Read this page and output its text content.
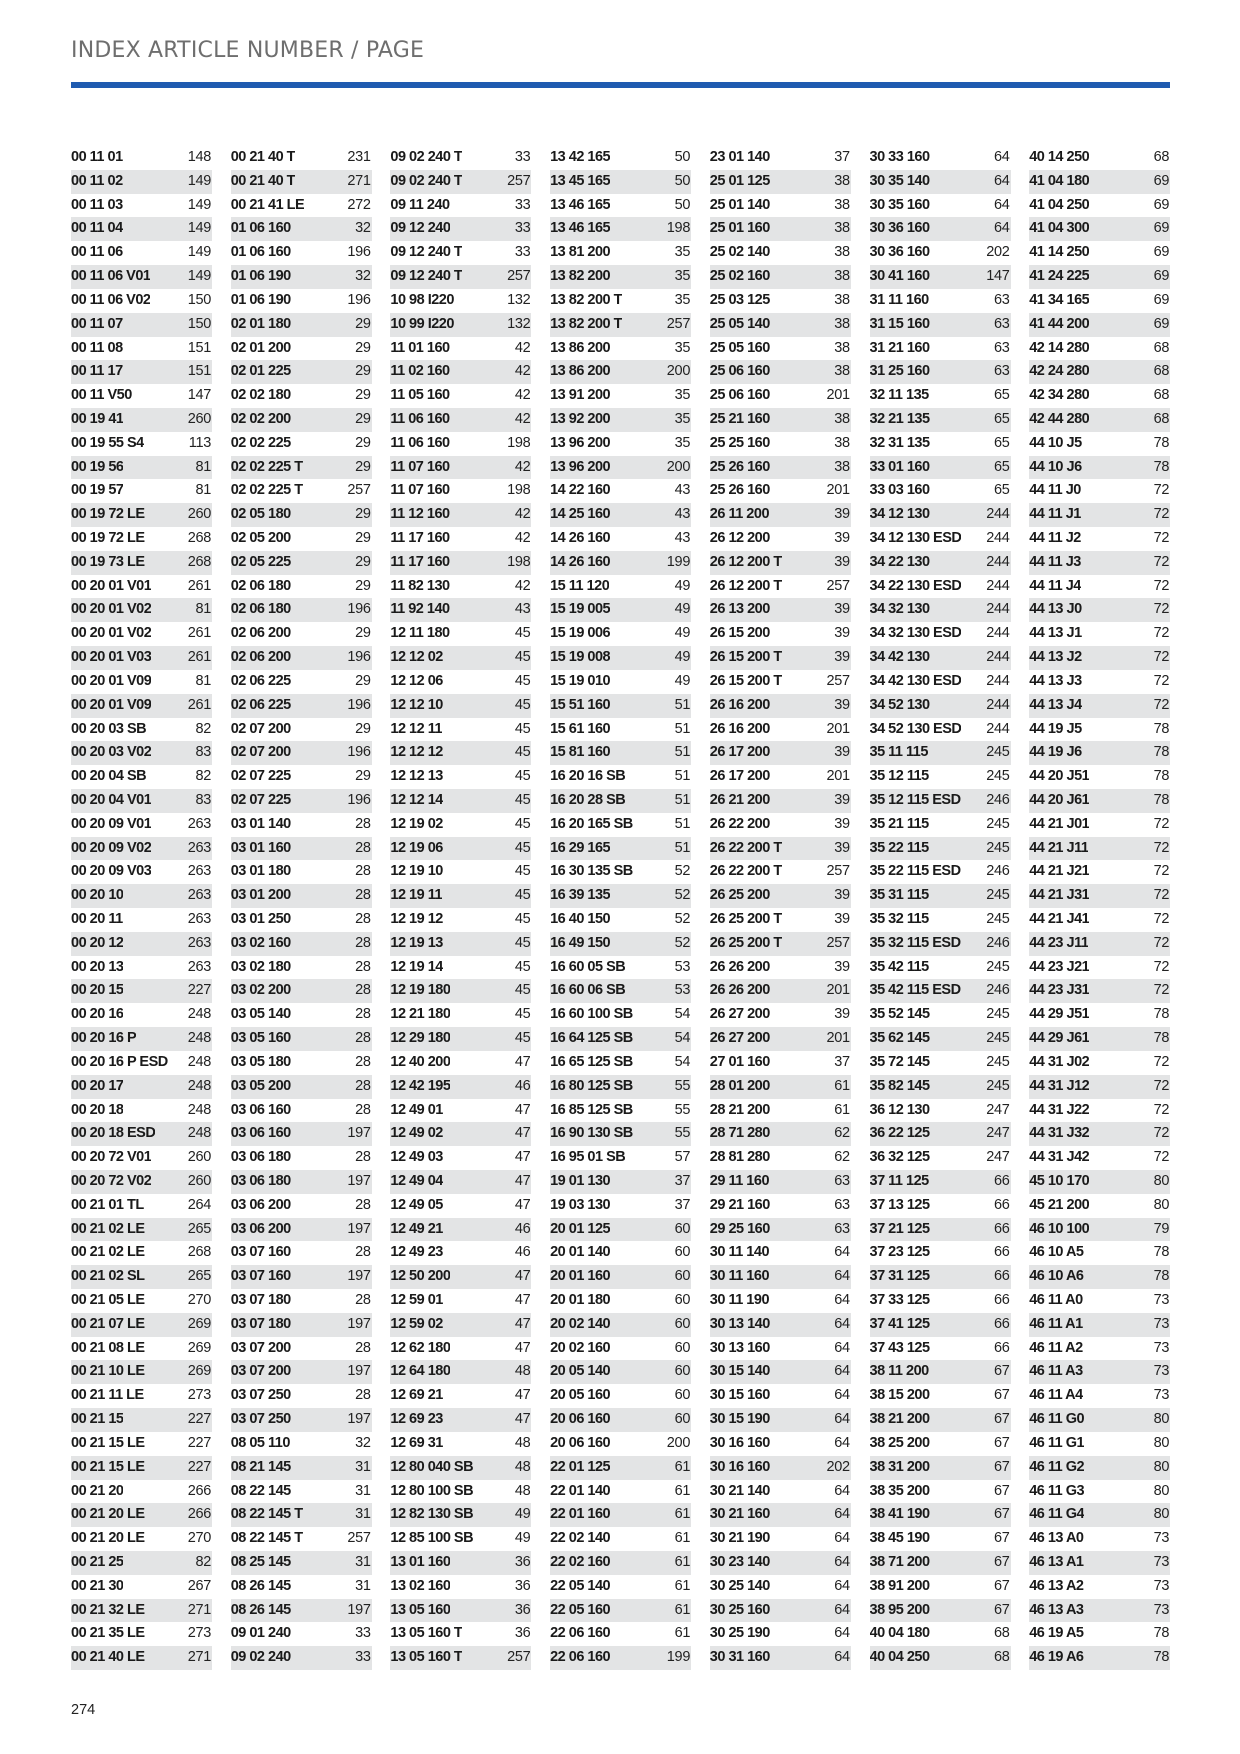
INDEX ARTICLE NUMBER / PAGE
00 11 01	148
00 11 02	149
00 11 03	149
00 11 04	149
00 11 06	149
00 11 06 V01	149
00 11 06 V02	150
00 11 07	150
00 11 08	151
00 11 17	151
00 11 V50	147
00 19 41	260
00 19 55 S4	113
00 19 56	81
00 19 57	81
00 19 72 LE	260
00 19 72 LE	268
00 19 73 LE	268
00 20 01 V01	261
00 20 01 V02	81
00 20 01 V02	261
00 20 01 V03	261
00 20 01 V09	81
00 20 01 V09	261
00 20 03 SB	82
00 20 03 V02	83
00 20 04 SB	82
00 20 04 V01	83
00 20 09 V01	263
00 20 09 V02	263
00 20 09 V03	263
00 20 10	263
00 20 11	263
00 20 12	263
00 20 13	263
00 20 15	227
00 20 16	248
00 20 16 P	248
00 20 16 P ESD 248
00 20 17	248
00 20 18	248
00 20 18 ESD 248
00 20 72 V01	260
00 20 72 V02	260
00 21 01 TL	264
00 21 02 LE	265
00 21 02 LE	268
00 21 02 SL	265
00 21 05 LE	270
00 21 07 LE	269
00 21 08 LE	269
00 21 10 LE	269
00 21 11 LE	273
00 21 15	227
00 21 15 LE	227
00 21 15 LE	227
00 21 20	266
00 21 20 LE	266
00 21 20 LE	270
00 21 25	82
00 21 30	267
00 21 32 LE	271
00 21 35 LE	273
00 21 40 LE	271
00 21 40 T	231
00 21 40 T	271
00 21 41 LE	272
01 06 160	32
01 06 160	196
01 06 190	32
01 06 190	196
02 01 180	29
02 01 200	29
02 01 225	29
02 02 180	29
02 02 200	29
02 02 225	29
02 02 225 T	29
02 02 225 T	257
02 05 180	29
02 05 200	29
02 05 225	29
02 06 180	29
02 06 180	196
02 06 200	29
02 06 200	196
02 06 225	29
02 06 225	196
02 07 200	29
02 07 200	196
02 07 225	29
02 07 225	196
03 01 140	28
03 01 160	28
03 01 180	28
03 01 200	28
03 01 250	28
03 02 160	28
03 02 180	28
03 02 200	28
03 05 140	28
03 05 160	28
03 05 180	28
03 05 200	28
03 06 160	28
03 06 160	197
03 06 180	28
03 06 180	197
03 06 200	28
03 06 200	197
03 07 160	28
03 07 160	197
03 07 180	28
03 07 180	197
03 07 200	28
03 07 200	197
03 07 250	28
03 07 250	197
08 05 110	32
08 21 145	31
08 22 145	31
08 22 145 T	31
08 22 145 T	257
08 25 145	31
08 26 145	31
08 26 145	197
09 01 240	33
09 02 240	33
09 02 240 T	33
09 02 240 T	257
09 11 240	33
09 12 240	33
09 12 240 T	33
09 12 240 T	257
10 98 I220	132
10 99 I220	132
11 01 160	42
11 02 160	42
11 05 160	42
11 06 160	42
11 06 160	198
11 07 160	42
11 07 160	198
11 12 160	42
11 17 160	42
11 17 160	198
11 82 130	42
11 92 140	43
12 11 180	45
12 12 02	45
12 12 06	45
12 12 10	45
12 12 11	45
12 12 12	45
12 12 13	45
12 12 14	45
12 19 02	45
12 19 06	45
12 19 10	45
12 19 11	45
12 19 12	45
12 19 13	45
12 19 14	45
12 19 180	45
12 21 180	45
12 29 180	45
12 40 200	47
12 42 195	46
12 49 01	47
12 49 02	47
12 49 03	47
12 49 04	47
12 49 05	47
12 49 21	46
12 49 23	46
12 50 200	47
12 59 01	47
12 59 02	47
12 62 180	47
12 64 180	48
12 69 21	47
12 69 23	47
12 69 31	48
12 80 040 SB	48
12 80 100 SB	48
12 82 130 SB	49
12 85 100 SB	49
13 01 160	36
13 02 160	36
13 05 160	36
13 05 160 T	36
13 05 160 T	257
13 42 165	50
13 45 165	50
13 46 165	50
13 46 165	198
13 81 200	35
13 82 200	35
13 82 200 T	35
13 82 200 T	257
13 86 200	35
13 86 200	200
13 91 200	35
13 92 200	35
13 96 200	35
13 96 200	200
14 22 160	43
14 25 160	43
14 26 160	43
14 26 160	199
15 11 120	49
15 19 005	49
15 19 006	49
15 19 008	49
15 19 010	49
15 51 160	51
15 61 160	51
15 81 160	51
16 20 16 SB	51
16 20 28 SB	51
16 20 165 SB	51
16 29 165	51
16 30 135 SB	52
16 39 135	52
16 40 150	52
16 49 150	52
16 60 05 SB	53
16 60 06 SB	53
16 60 100 SB	54
16 64 125 SB	54
16 65 125 SB	54
16 80 125 SB	55
16 85 125 SB	55
16 90 130 SB	55
16 95 01 SB	57
19 01 130	37
19 03 130	37
20 01 125	60
20 01 140	60
20 01 160	60
20 01 180	60
20 02 140	60
20 02 160	60
20 05 140	60
20 05 160	60
20 06 160	60
20 06 160	200
22 01 125	61
22 01 140	61
22 01 160	61
22 02 140	61
22 02 160	61
22 05 140	61
22 05 160	61
22 06 160	61
22 06 160	199
23 01 140	37
25 01 125	38
25 01 140	38
25 01 160	38
25 02 140	38
25 02 160	38
25 03 125	38
25 05 140	38
25 05 160	38
25 06 160	38
25 06 160	201
25 21 160	38
25 25 160	38
25 26 160	38
25 26 160	201
26 11 200	39
26 12 200	39
26 12 200 T	39
26 12 200 T	257
26 13 200	39
26 15 200	39
26 15 200 T	39
26 15 200 T	257
26 16 200	39
26 16 200	201
26 17 200	39
26 17 200	201
26 21 200	39
26 22 200	39
26 22 200 T	39
26 22 200 T	257
26 25 200	39
26 25 200 T	39
26 25 200 T	257
26 26 200	39
26 26 200	201
26 27 200	39
26 27 200	201
27 01 160	37
28 01 200	61
28 21 200	61
28 71 280	62
28 81 280	62
29 11 160	63
29 21 160	63
29 25 160	63
30 11 140	64
30 11 160	64
30 11 190	64
30 13 140	64
30 13 160	64
30 15 140	64
30 15 160	64
30 15 190	64
30 16 160	64
30 16 160	202
30 21 140	64
30 21 160	64
30 21 190	64
30 23 140	64
30 25 140	64
30 25 160	64
30 25 190	64
30 31 160	64
30 33 160	64
30 35 140	64
30 35 160	64
30 36 160	64
30 36 160	202
30 41 160	147
31 11 160	63
31 15 160	63
31 21 160	63
31 25 160	63
32 11 135	65
32 21 135	65
32 31 135	65
33 01 160	65
33 03 160	65
34 12 130	244
34 12 130 ESD 244
34 22 130	244
34 22 130 ESD 244
34 32 130	244
34 32 130 ESD 244
34 42 130	244
34 42 130 ESD 244
34 52 130	244
34 52 130 ESD 244
35 11 115	245
35 12 115	245
35 12 115 ESD 246
35 21 115	245
35 22 115	245
35 22 115 ESD 246
35 31 115	245
35 32 115	245
35 32 115 ESD 246
35 42 115	245
35 42 115 ESD 246
35 52 145	245
35 62 145	245
35 72 145	245
35 82 145	245
36 12 130	247
36 22 125	247
36 32 125	247
37 11 125	66
37 13 125	66
37 21 125	66
37 23 125	66
37 31 125	66
37 33 125	66
37 41 125	66
37 43 125	66
38 11 200	67
38 15 200	67
38 21 200	67
38 25 200	67
38 31 200	67
38 35 200	67
38 41 190	67
38 45 190	67
38 71 200	67
38 91 200	67
38 95 200	67
40 04 180	68
40 04 250	68
40 14 250	68
41 04 180	69
41 04 250	69
41 04 300	69
41 14 250	69
41 24 225	69
41 34 165	69
41 44 200	69
42 14 280	68
42 24 280	68
42 34 280	68
42 44 280	68
44 10 J5	78
44 10 J6	78
44 11 J0	72
44 11 J1	72
44 11 J2	72
44 11 J3	72
44 11 J4	72
44 13 J0	72
44 13 J1	72
44 13 J2	72
44 13 J3	72
44 13 J4	72
44 19 J5	78
44 19 J6	78
44 20 J51	78
44 20 J61	78
44 21 J01	72
44 21 J11	72
44 21 J21	72
44 21 J31	72
44 21 J41	72
44 23 J11	72
44 23 J21	72
44 23 J31	72
44 29 J51	78
44 29 J61	78
44 31 J02	72
44 31 J12	72
44 31 J22	72
44 31 J32	72
44 31 J42	72
45 10 170	80
45 21 200	80
46 10 100	79
46 10 A5	78
46 10 A6	78
46 11 A0	73
46 11 A1	73
46 11 A2	73
46 11 A3	73
46 11 A4	73
46 11 G0	80
46 11 G1	80
46 11 G2	80
46 11 G3	80
46 11 G4	80
46 13 A0	73
46 13 A1	73
46 13 A2	73
46 13 A3	73
46 19 A5	78
46 19 A6	78
274
